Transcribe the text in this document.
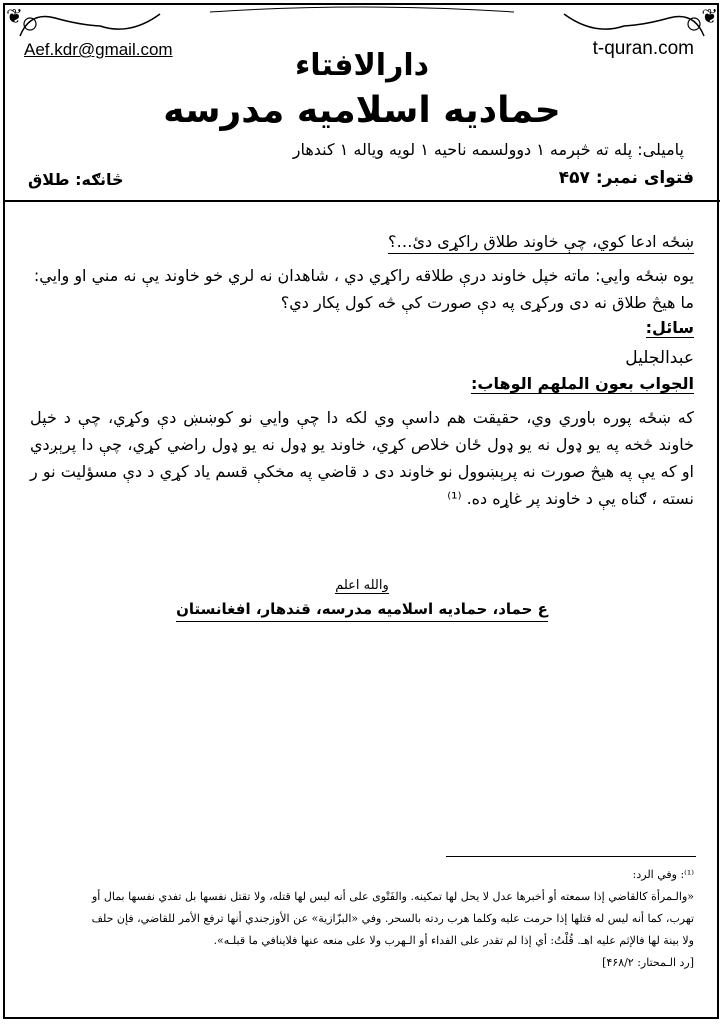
❦	❦
Aef.kdr@gmail.com	t-quran.com
دارالافتاء
حمادیه اسلامیه مدرسه
پامیلی: پله ته څېرمه ۱ دوولسمه ناحیه ۱ لویه ویاله ۱ کندهار
فتوای نمبر: ۴۵۷
څانګه: طلاق
ښځه ادعا کوي، چې خاوند طلاق راکړی دئ…؟
یوه ښځه وايي: ماته خپل خاوند درې طلاقه راکړي دي ، شاهدان نه لري خو خاوند يې نه مني او وايي: ما هيڅ طلاق نه دی ورکړی په دې صورت کې څه کول پکار دي؟
سائل:
عبدالجلیل
الجواب بعون الملهم الوهاب:
که ښځه پوره باوري وي، حقيقت هم داسې وي لکه دا چې وايي نو کوښښ دې وکړي، چې د خپل خاوند څخه په يو ډول نه يو ډول ځان خلاص کړي، خاوند يو ډول نه يو ډول راضي کړي، چې دا پرېږدي او که يې په هيڅ صورت نه پرېښوول نو خاوند دی د قاضي په مخکې قسم ياد کړي د دې مسؤليت نو ر نسته ، ګناه يې د خاوند پر غاړه ده. ⁽¹⁾
والله اعلم
ع حماد، حمادیه اسلامیه مدرسه، قندهار، افغانستان
⁽¹⁾: وفي الرد:
«والـمرأة كالقاضي إذا سمعته أو أخبرها عدل لا يحل لها تمكينه. والفَتْوى على أنه ليس لها قتله، ولا تقتل نفسها بل تفدي نفسها بمال أو
تهرب، كما أنه ليس له قتلها إذا حرمت عليه وكلما هرب ردته بالسحر. وفي «البزّازية» عن الأوزجندي أنها ترفع الأمر للقاضي، فإن حلف
ولا بينة لها فالإثم عليه اهـ. قُلْتُ: أي إذا لم تقدر على الفداء أو الـهرب ولا على منعه عنها فلاينافي ما قبلـه».
[رد الـمحتار: ۴۶۸/۲]
